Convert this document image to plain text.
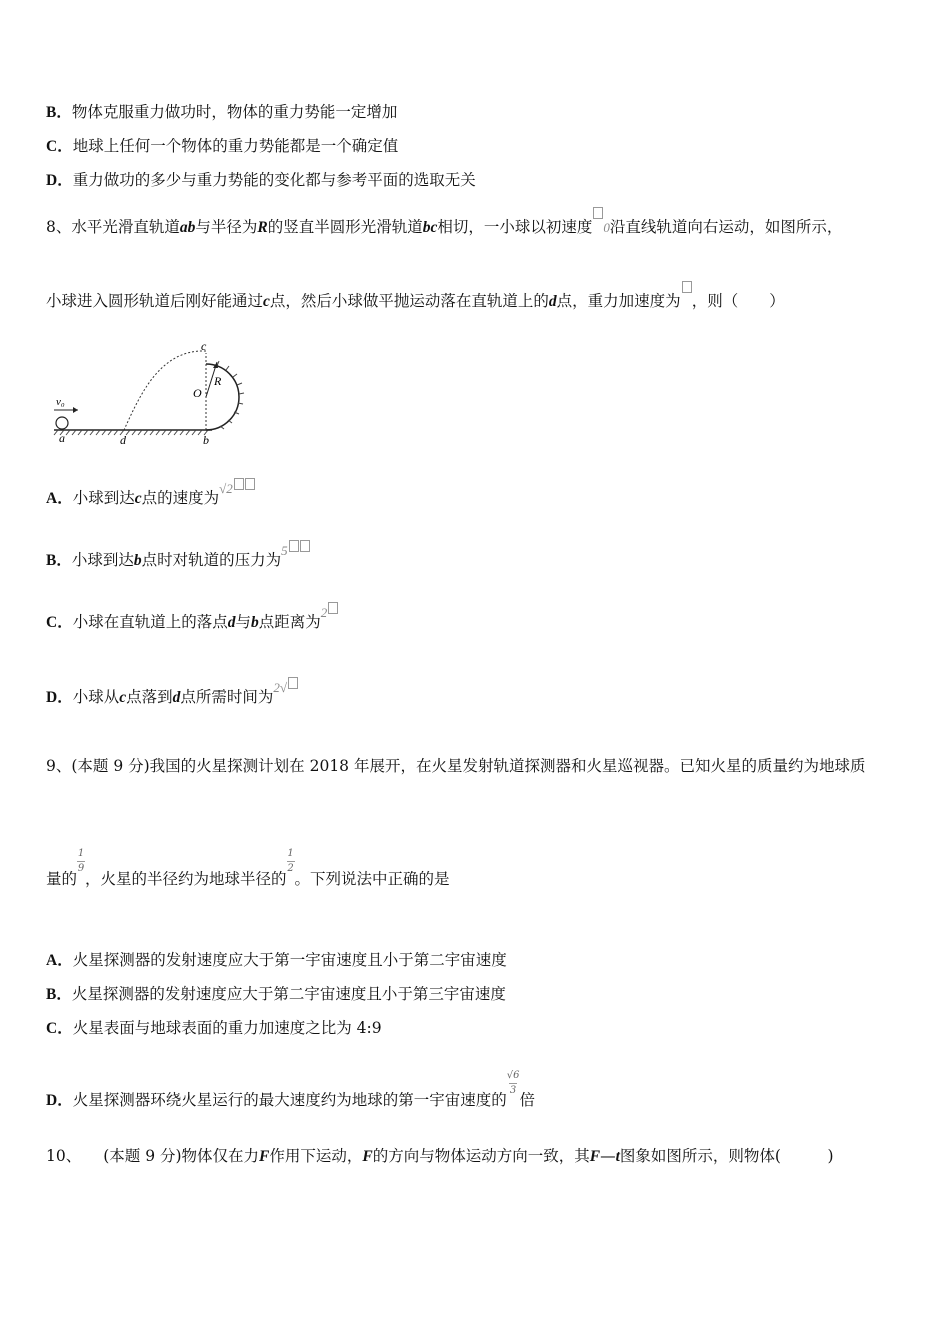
B．物体克服重力做功时，物体的重力势能一定增加
C．地球上任何一个物体的重力势能都是一个确定值
D．重力做功的多少与重力势能的变化都与参考平面的选取无关
8、水平光滑直轨道ab与半径为R的竖直半圆形光滑轨道bc相切，一小球以初速度 0沿直线轨道向右运动，如图所示，
小球进入圆形轨道后刚好能通过c点，然后小球做平抛运动落在直轨道上的d点，重力加速度为 ，则（　　）
v₀
a	d	b
c
O
R
A．小球到达c点的速度为$^{√2}$
B．小球到达b点时对轨道的压力为$^5$
C．小球在直轨道上的落点d与b点距离为$^2$
D．小球从c点落到d点所需时间为$^{2√}$
9、(本题 9 分)我国的火星探测计划在 2018 年展开，在火星发射轨道探测器和火星巡视器。已知火星的质量约为地球质
量的$\frac{1}{9}$，火星的半径约为地球半径的$\frac{1}{2}$。下列说法中正确的是
A．火星探测器的发射速度应大于第一宇宙速度且小于第二宇宙速度
B．火星探测器的发射速度应大于第二宇宙速度且小于第三宇宙速度
C．火星表面与地球表面的重力加速度之比为 4:9
D．火星探测器环绕火星运行的最大速度约为地球的第一宇宙速度的$\frac{√6}{3}$倍
10、 (本题 9 分)物体仅在力F作用下运动，F的方向与物体运动方向一致，其F—t图象如图所示，则物体(　　　)
